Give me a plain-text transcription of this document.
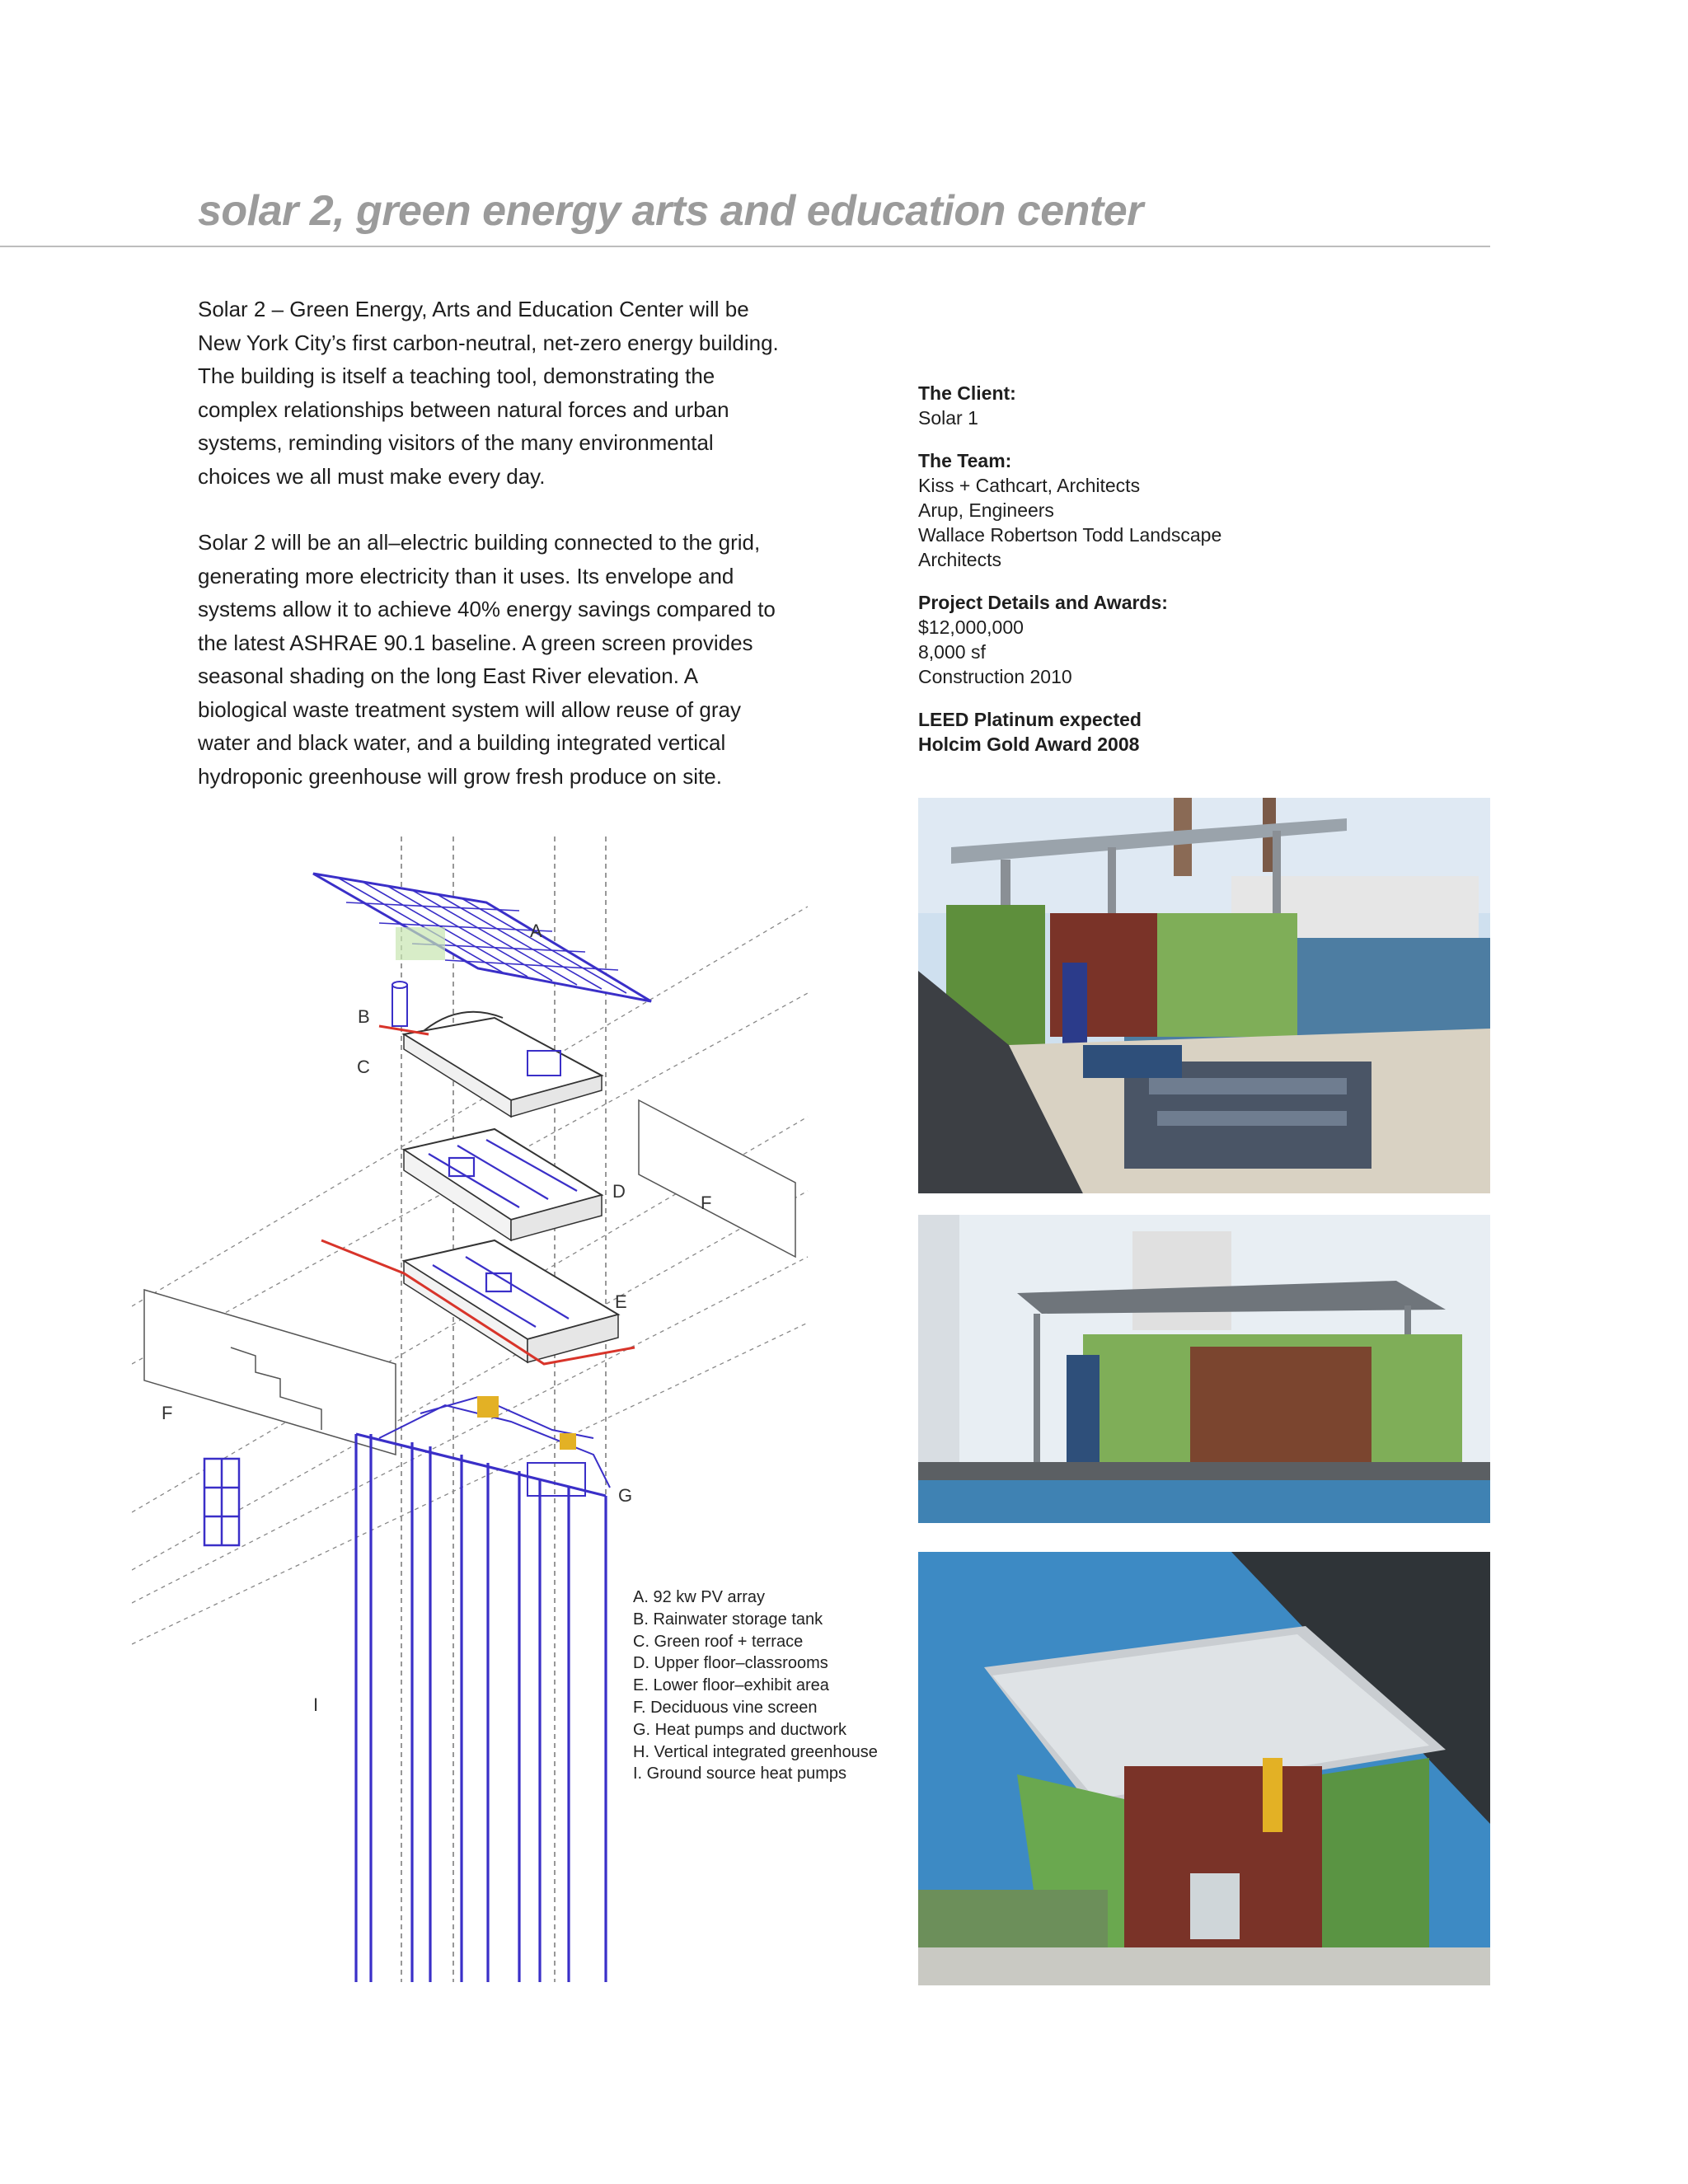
solar 2, green energy arts and education center

Solar 2 – Green Energy, Arts and Education Center will be New York City’s first carbon-neutral, net-zero energy building. The building is itself a teaching tool, demonstrating the complex relationships between natural forces and urban systems, reminding visitors of the many environmental choices we all must make every day.

Solar 2 will be an all–electric building connected to the grid, generating more electricity than it uses. Its envelope and systems allow it to achieve 40% energy savings compared to the latest ASHRAE 90.1 baseline. A green screen provides seasonal shading on the long East River elevation. A biological waste treatment system will allow reuse of gray water and black water, and a building integrated vertical hydroponic greenhouse will grow fresh produce on site.

The Client:
Solar 1
The Team:
Kiss + Cathcart, Architects
Arup, Engineers
Wallace Robertson Todd Landscape
Architects
Project Details and Awards:
$12,000,000
8,000 sf
Construction 2010
LEED Platinum expected
Holcim Gold Award 2008
A
B
C
D
F
E
F
G
I
A. 92 kw PV array
B. Rainwater storage tank
C. Green roof + terrace
D. Upper floor–classrooms
E. Lower floor–exhibit area
F. Deciduous vine screen
G. Heat pumps and ductwork
H. Vertical integrated greenhouse
I. Ground source heat pumps
